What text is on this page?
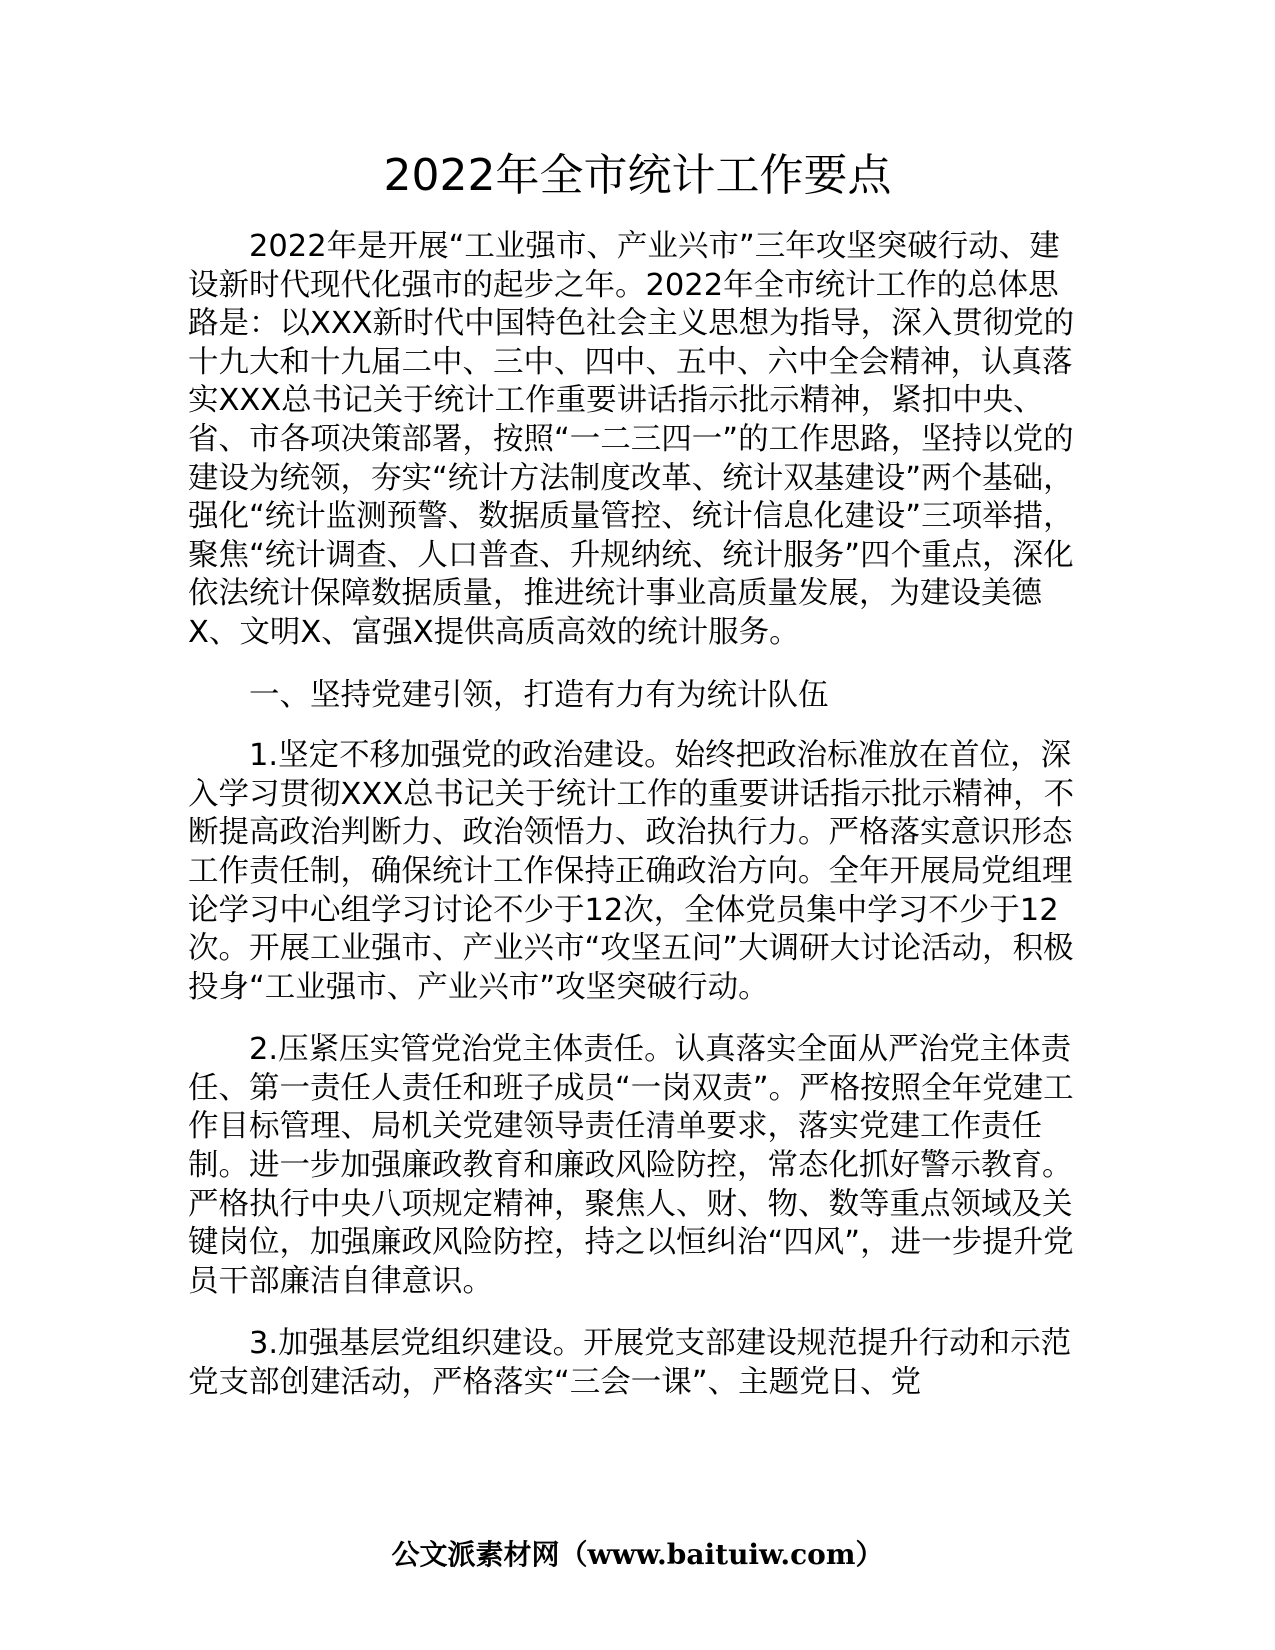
2022年全市统计工作要点

2022年是开展“工业强市、产业兴市”三年攻坚突破行动、建设新时代现代化强市的起步之年。2022年全市统计工作的总体思路是：以XXX新时代中国特色社会主义思想为指导，深入贯彻党的十九大和十九届二中、三中、四中、五中、六中全会精神，认真落实XXX总书记关于统计工作重要讲话指示批示精神，紧扣中央、省、市各项决策部署，按照“一二三四一”的工作思路，坚持以党的建设为统领，夯实“统计方法制度改革、统计双基建设”两个基础，强化“统计监测预警、数据质量管控、统计信息化建设”三项举措，聚焦“统计调查、人口普查、升规纳统、统计服务”四个重点，深化依法统计保障数据质量，推进统计事业高质量发展，为建设美德X、文明X、富强X提供高质高效的统计服务。

一、坚持党建引领，打造有力有为统计队伍

1.坚定不移加强党的政治建设。始终把政治标准放在首位，深入学习贯彻XXX总书记关于统计工作的重要讲话指示批示精神，不断提高政治判断力、政治领悟力、政治执行力。严格落实意识形态工作责任制，确保统计工作保持正确政治方向。全年开展局党组理论学习中心组学习讨论不少于12次，全体党员集中学习不少于12次。开展工业强市、产业兴市“攻坚五问”大调研大讨论活动，积极投身“工业强市、产业兴市”攻坚突破行动。

2.压紧压实管党治党主体责任。认真落实全面从严治党主体责任、第一责任人责任和班子成员“一岗双责”。严格按照全年党建工作目标管理、局机关党建领导责任清单要求，落实党建工作责任制。进一步加强廉政教育和廉政风险防控，常态化抓好警示教育。严格执行中央八项规定精神，聚焦人、财、物、数等重点领域及关键岗位，加强廉政风险防控，持之以恒纠治“四风”，进一步提升党员干部廉洁自律意识。

3.加强基层党组织建设。开展党支部建设规范提升行动和示范党支部创建活动，严格落实“三会一课”、主题党日、党

公文派素材网（www.baituiw.com）
